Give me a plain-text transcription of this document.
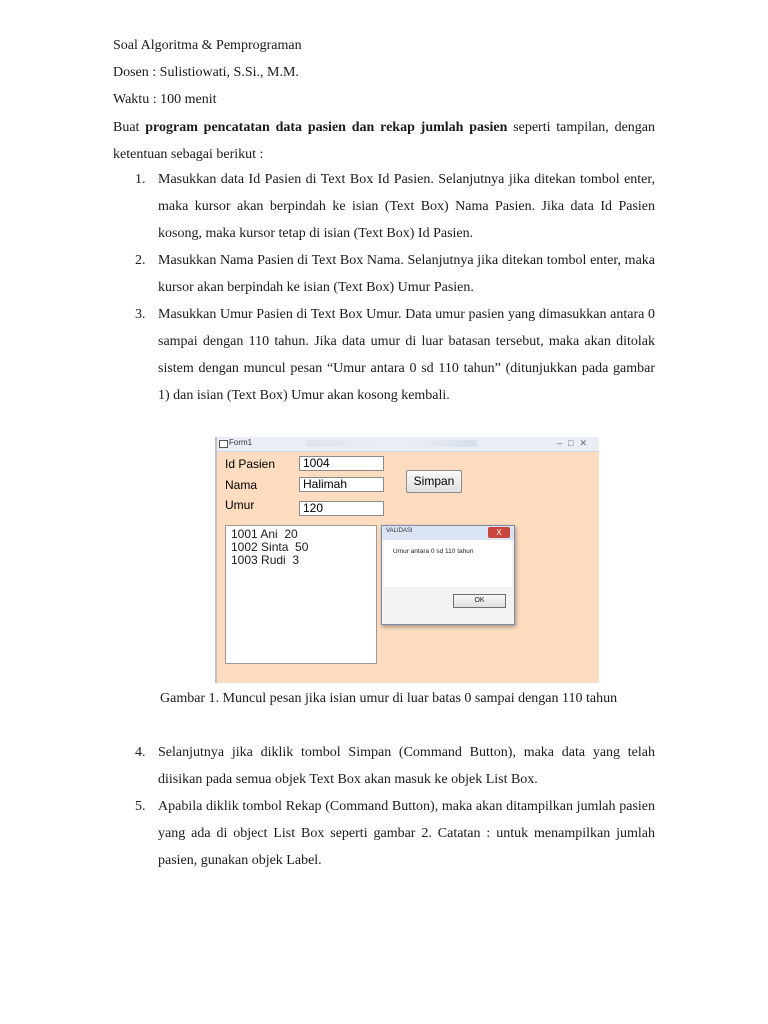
Soal Algoritma & Pemprograman
Dosen : Sulistiowati, S.Si., M.M.
Waktu : 100 menit
Buat program pencatatan data pasien dan rekap jumlah pasien seperti tampilan, dengan ketentuan sebagai berikut :
1. Masukkan data Id Pasien di Text Box Id Pasien. Selanjutnya jika ditekan tombol enter, maka kursor akan berpindah ke isian (Text Box) Nama Pasien. Jika data Id Pasien kosong, maka kursor tetap di isian (Text Box) Id Pasien.
2. Masukkan Nama Pasien di Text Box Nama. Selanjutnya jika ditekan tombol enter, maka kursor akan berpindah ke isian (Text Box) Umur Pasien.
3. Masukkan Umur Pasien di Text Box Umur. Data umur pasien yang dimasukkan antara 0 sampai dengan 110 tahun. Jika data umur di luar batasan tersebut, maka akan ditolak sistem dengan muncul pesan “Umur antara 0 sd 110 tahun” (ditunjukkan pada gambar 1) dan isian (Text Box) Umur akan kosong kembali.
Form1	–□✕
Id Pasien
Nama
Umur
1004
Halimah
120
Simpan
1001 Ani  20
1002 Sinta  50
1003 Rudi  3
VALIDASI	X
Umur antara 0 sd 110 tahun
OK
Gambar 1. Muncul pesan jika isian umur di luar batas 0 sampai dengan 110 tahun
4. Selanjutnya jika diklik tombol Simpan (Command Button), maka data yang telah diisikan pada semua objek Text Box akan masuk ke objek List Box.
5. Apabila diklik tombol Rekap (Command Button), maka akan ditampilkan jumlah pasien yang ada di object List Box seperti gambar 2. Catatan : untuk menampilkan jumlah pasien, gunakan objek Label.
